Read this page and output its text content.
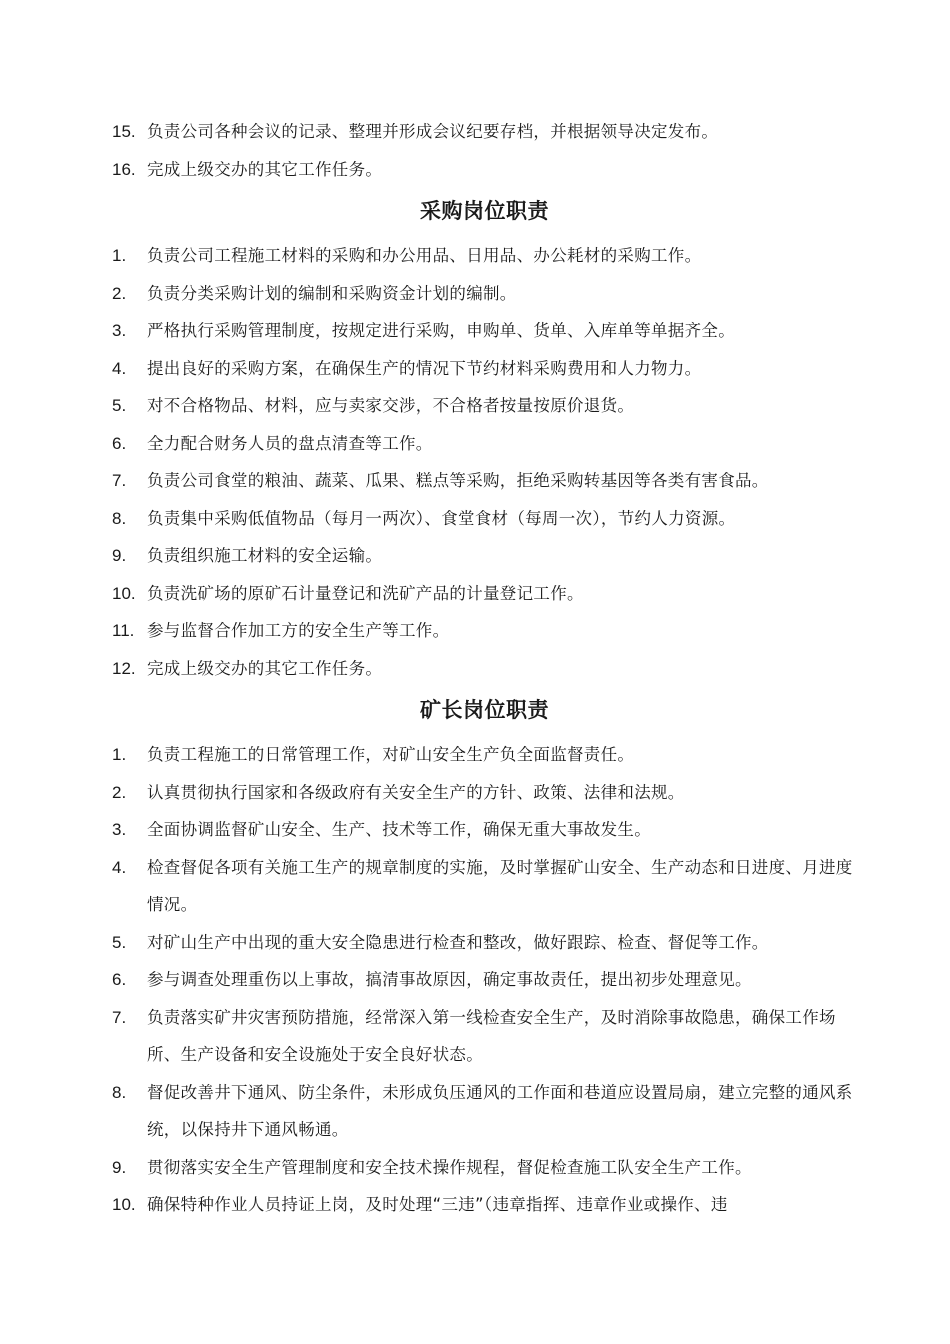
15. 负责公司各种会议的记录、整理并形成会议纪要存档，并根据领导决定发布。
16. 完成上级交办的其它工作任务。
采购岗位职责
1.	负责公司工程施工材料的采购和办公用品、日用品、办公耗材的采购工作。
2.	负责分类采购计划的编制和采购资金计划的编制。
3.	严格执行采购管理制度，按规定进行采购，申购单、货单、入库单等单据齐全。
4.	提出良好的采购方案，在确保生产的情况下节约材料采购费用和人力物力。
5.	对不合格物品、材料，应与卖家交涉，不合格者按量按原价退货。
6.	全力配合财务人员的盘点清查等工作。
7.	负责公司食堂的粮油、蔬菜、瓜果、糕点等采购，拒绝采购转基因等各类有害食品。
8.	负责集中采购低值物品（每月一两次）、食堂食材（每周一次），节约人力资源。
9.	负责组织施工材料的安全运输。
10. 负责洗矿场的原矿石计量登记和洗矿产品的计量登记工作。
11. 参与监督合作加工方的安全生产等工作。
12. 完成上级交办的其它工作任务。
矿长岗位职责
1.	负责工程施工的日常管理工作，对矿山安全生产负全面监督责任。
2.	认真贯彻执行国家和各级政府有关安全生产的方针、政策、法律和法规。
3.	全面协调监督矿山安全、生产、技术等工作，确保无重大事故发生。
4.	检查督促各项有关施工生产的规章制度的实施，及时掌握矿山安全、生产动态和日进度、月进度情况。
5.	对矿山生产中出现的重大安全隐患进行检查和整改，做好跟踪、检查、督促等工作。
6.	参与调查处理重伤以上事故，搞清事故原因，确定事故责任，提出初步处理意见。
7.	负责落实矿井灾害预防措施，经常深入第一线检查安全生产，及时消除事故隐患，确保工作场所、生产设备和安全设施处于安全良好状态。
8.	督促改善井下通风、防尘条件，未形成负压通风的工作面和巷道应设置局扇，建立完整的通风系统，以保持井下通风畅通。
9.	贯彻落实安全生产管理制度和安全技术操作规程，督促检查施工队安全生产工作。
10. 确保特种作业人员持证上岗，及时处理“三违”（违章指挥、违章作业或操作、违
